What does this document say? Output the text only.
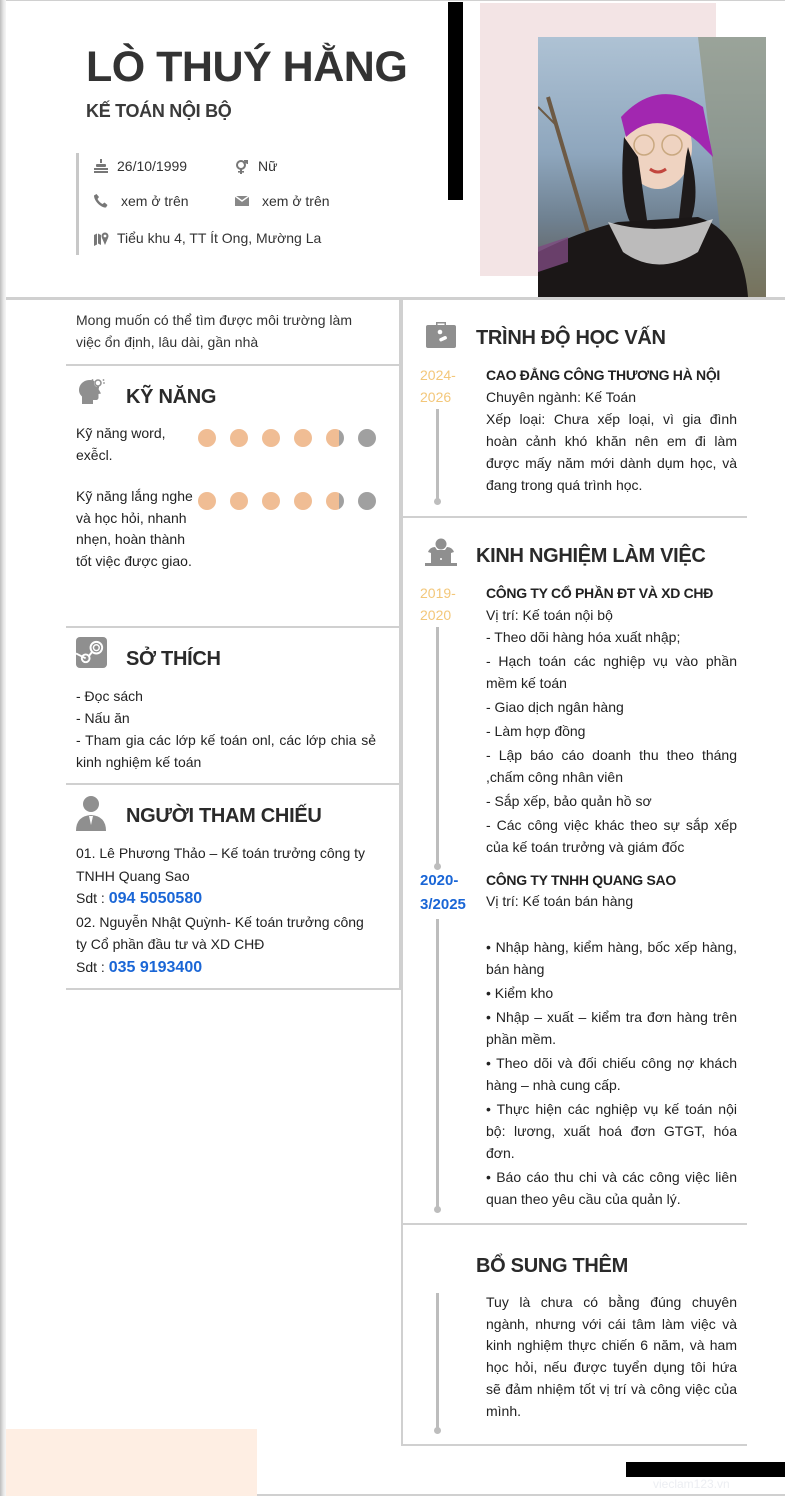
LÒ THUÝ HẰNG
KẾ TOÁN NỘI BỘ
26/10/1999	Nữ
xem ở trên	xem ở trên
Tiểu khu 4, TT Ít Ong, Mường La
Mong muốn có thể tìm được môi trường làm việc ổn định, lâu dài, gần nhà
KỸ NĂNG
Kỹ năng word, exễcl.
Kỹ năng lắng nghe và học hỏi, nhanh nhẹn, hoàn thành tốt việc được giao.
SỞ THÍCH
- Đọc sách
- Nấu ăn
- Tham gia các lớp kế toán onl, các lớp chia sẻ kinh nghiệm kế toán
NGƯỜI THAM CHIẾU
01. Lê Phương Thảo – Kế toán trưởng công ty TNHH Quang Sao
Sdt : 094 5050580
02. Nguyễn Nhật Quỳnh- Kế toán trưởng công ty Cổ phần đầu tư và XD CHĐ
Sdt : 035 9193400
TRÌNH ĐỘ HỌC VẤN
2024-
2026
CAO ĐẲNG CÔNG THƯƠNG HÀ NỘI

Chuyên ngành: Kế Toán

Xếp loại: Chưa xếp loại, vì gia đình hoàn cảnh khó khăn nên em đi làm được mấy năm mới dành dụm học, và đang trong quá trình học.

KINH NGHIỆM LÀM VIỆC
2019-
2020
CÔNG TY CỔ PHẦN ĐT VÀ XD CHĐ

Vị trí: Kế toán nội bộ

- Theo dõi hàng hóa xuất nhập;
- Hạch toán các nghiệp vụ vào phần mềm kế toán
- Giao dịch ngân hàng
- Làm hợp đồng
- Lập báo cáo doanh thu theo tháng ,chấm công nhân viên
- Sắp xếp, bảo quản hồ sơ
- Các công việc khác theo sự sắp xếp của kế toán trưởng và giám đốc
2020-
3/2025
CÔNG TY TNHH QUANG SAO

Vị trí: Kế toán bán hàng

• Nhập hàng, kiểm hàng, bốc xếp hàng, bán hàng
• Kiểm kho
• Nhập – xuất – kiểm tra đơn hàng trên phần mềm.
• Theo dõi và đối chiếu công nợ khách hàng – nhà cung cấp.
• Thực hiện các nghiệp vụ kế toán nội bộ: lương, xuất hoá đơn GTGT, hóa đơn.
• Báo cáo thu chi và các công việc liên quan theo yêu cầu của quản lý.
BỔ SUNG THÊM

Tuy là chưa có bằng đúng chuyên ngành, nhưng với cái tâm làm việc và kinh nghiệm thực chiến 6 năm, và ham học hỏi, nếu được tuyển dụng tôi hứa sẽ đảm nhiệm tốt vị trí và công việc của mình.

vieclam123.vn
